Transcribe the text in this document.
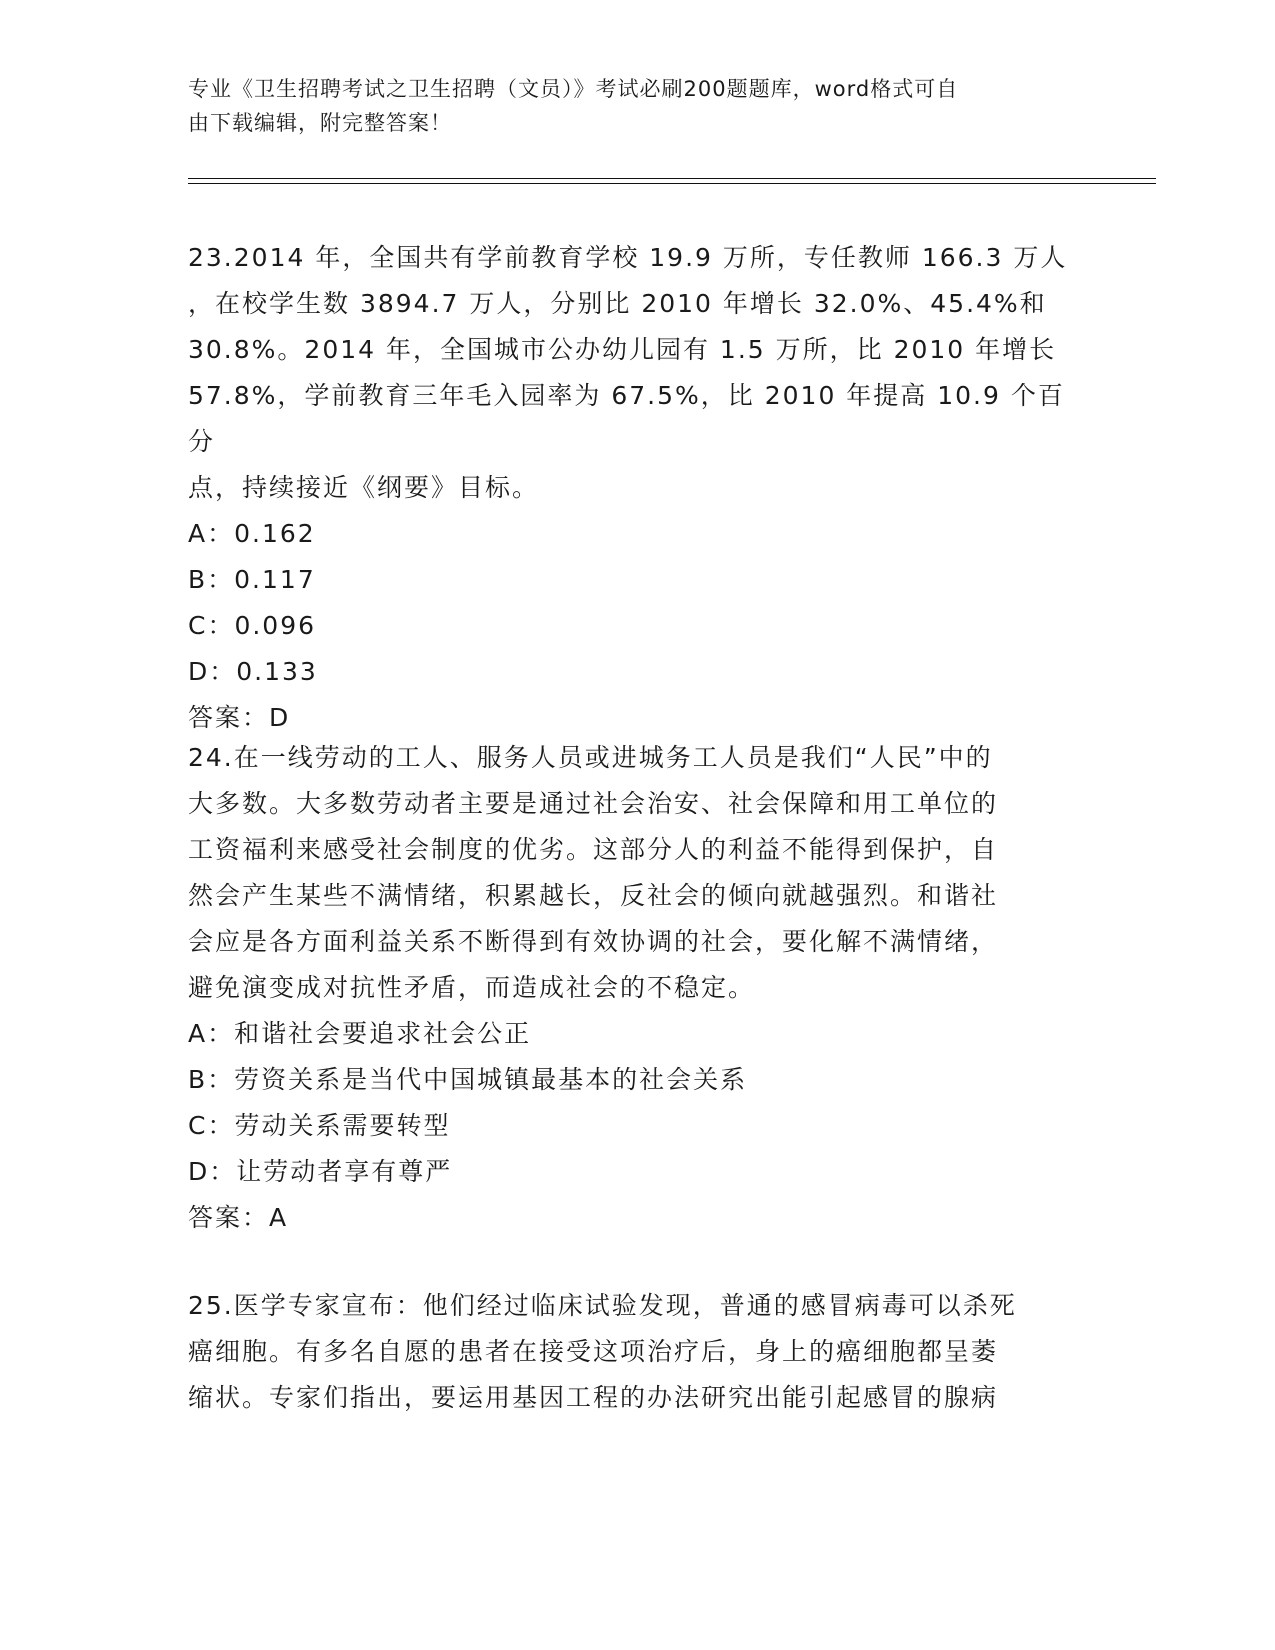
专业《卫生招聘考试之卫生招聘（文员）》考试必刷200题题库，word格式可自
由下载编辑，附完整答案！
23.2014 年，全国共有学前教育学校 19.9 万所，专任教师 166.3 万人
，在校学生数 3894.7 万人，分别比 2010 年增长 32.0%、45.4%和
30.8%。2014 年，全国城市公办幼儿园有 1.5 万所，比 2010 年增长
57.8%，学前教育三年毛入园率为 67.5%，比 2010 年提高 10.9 个百分
点，持续接近《纲要》目标。
A：0.162
B：0.117
C：0.096
D：0.133
答案：D
24.在一线劳动的工人、服务人员或进城务工人员是我们“人民”中的
大多数。大多数劳动者主要是通过社会治安、社会保障和用工单位的
工资福利来感受社会制度的优劣。这部分人的利益不能得到保护，自
然会产生某些不满情绪，积累越长，反社会的倾向就越强烈。和谐社
会应是各方面利益关系不断得到有效协调的社会，要化解不满情绪，
避免演变成对抗性矛盾，而造成社会的不稳定。
A：和谐社会要追求社会公正
B：劳资关系是当代中国城镇最基本的社会关系
C：劳动关系需要转型
D：让劳动者享有尊严
答案：A
25.医学专家宣布：他们经过临床试验发现，普通的感冒病毒可以杀死
癌细胞。有多名自愿的患者在接受这项治疗后，身上的癌细胞都呈萎
缩状。专家们指出，要运用基因工程的办法研究出能引起感冒的腺病
